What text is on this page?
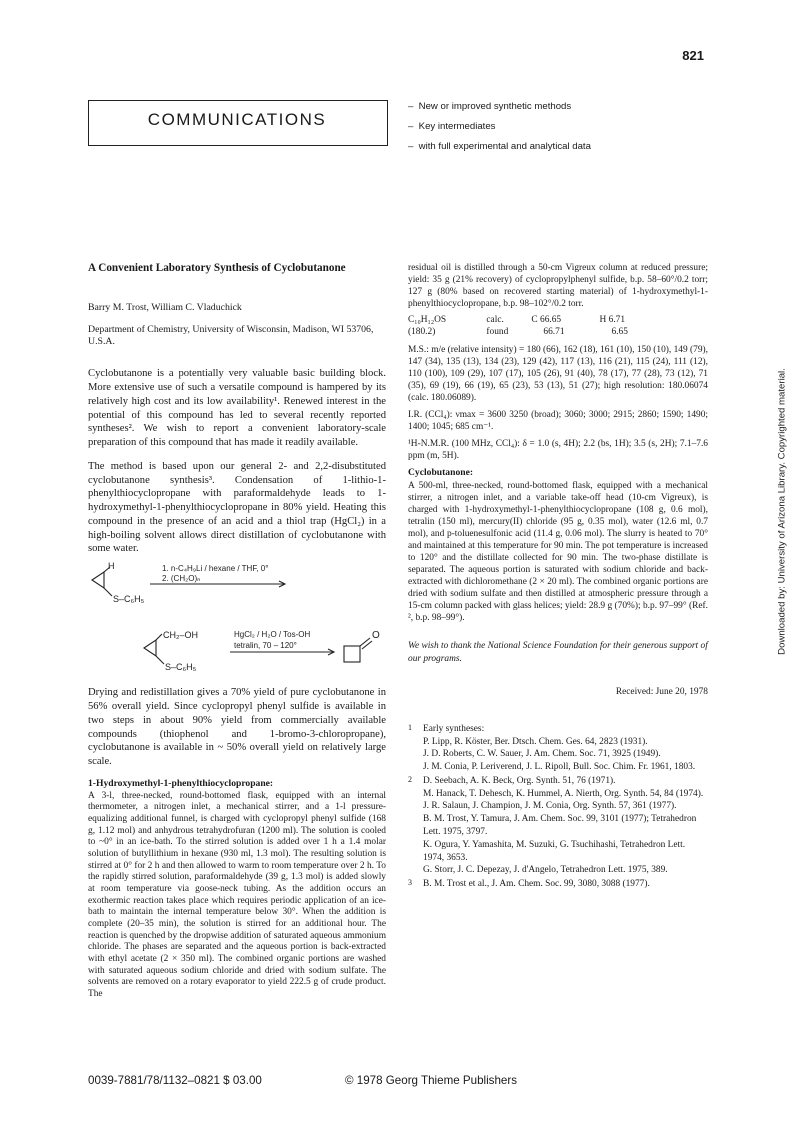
821
COMMUNICATIONS
–  New or improved synthetic methods
–  Key intermediates
–  with full experimental and analytical data
A Convenient Laboratory Synthesis of Cyclobutanone

Barry M. Trost, William C. Vladuchick

Department of Chemistry, University of Wisconsin, Madison, WI 53706, U.S.A.

Cyclobutanone is a potentially very valuable basic building block. More extensive use of such a versatile compound is hampered by its relatively high cost and its low availability¹. Renewed interest in the potential of this compound has led to several recently reported syntheses². We wish to report a convenient laboratory-scale preparation of this compound that has made it readily available.

The method is based upon our general 2- and 2,2-disubstituted cyclobutanone synthesis³. Condensation of 1-lithio-1-phenylthiocyclopropane with paraformaldehyde leads to 1-hydroxymethyl-1-phenylthiocyclopropane in 80% yield. Heating this compound in the presence of an acid and a thiol trap (HgCl₂) in a high-boiling solvent allows direct distillation of cyclobutanone with some water.

1. n-C₄H₉Li / hexane / THF, 0°
2. (CH₂O)ₙ
H
S–C₆H₅
CH₂–OH
S–C₆H₅
HgCl₂ / H₂O / Tos-OH
tetralin, 70 – 120°
O

Drying and redistillation gives a 70% yield of pure cyclobutanone in 56% overall yield. Since cyclopropyl phenyl sulfide is available in two steps in about 90% yield from commercially available compounds (thiophenol and 1-bromo-3-chloropropane), cyclobutanone is available in ~ 50% overall yield on relatively large scale.

1-Hydroxymethyl-1-phenylthiocyclopropane:

A 3-l, three-necked, round-bottomed flask, equipped with an internal thermometer, a nitrogen inlet, a mechanical stirrer, and a 1-l pressure-equalizing additional funnel, is charged with cyclopropyl phenyl sulfide (168 g, 1.12 mol) and anhydrous tetrahydrofuran (1200 ml). The solution is cooled to ~0° in an ice-bath. To the stirred solution is added over 1 h a 1.4 molar solution of butyllithium in hexane (930 ml, 1.3 mol). The resulting solution is stirred at 0° for 2 h and then allowed to warm to room temperature over 2 h. To the rapidly stirred solution, paraformaldehyde (39 g, 1.3 mol) is added slowly at room temperature via goose-neck tubing. As the addition occurs an exothermic reaction takes place which requires periodic application of an ice-bath to maintain the internal temperature below 30°. When the addition is complete (20–35 min), the solution is stirred for an additional hour. The reaction is quenched by the dropwise addition of saturated aqueous ammonium chloride. The phases are separated and the aqueous portion is back-extracted with ethyl acetate (2 × 350 ml). The combined organic portions are washed with saturated aqueous sodium chloride and dried with sodium sulfate. The solvents are removed on a rotary evaporator to yield 222.5 g of crude product. The

residual oil is distilled through a 50-cm Vigreux column at reduced pressure; yield: 35 g (21% recovery) of cyclopropylphenyl sulfide, b.p. 58–60°/0.2 torr; 127 g (80% based on recovered starting material) of 1-hydroxymethyl-1-phenylthiocyclopropane, b.p. 98–102°/0.2 torr.

C₁₀H₁₂OS	calc.	C 66.65	H 6.71
(180.2)	found	66.71	6.65

M.S.: m/e (relative intensity) = 180 (66), 162 (18), 161 (10), 150 (10), 149 (79), 147 (34), 135 (13), 134 (23), 129 (42), 117 (13), 116 (21), 115 (24), 111 (12), 110 (100), 109 (29), 107 (17), 105 (26), 91 (40), 78 (17), 77 (28), 73 (12), 71 (35), 69 (19), 66 (19), 65 (23), 53 (13), 51 (27); high resolution: 180.06074 (calc. 180.06089).

I.R. (CCl₄): νmax = 3600 3250 (broad); 3060; 3000; 2915; 2860; 1590; 1490; 1400; 1045; 685 cm⁻¹.

¹H-N.M.R. (100 MHz, CCl₄): δ = 1.0 (s, 4H); 2.2 (bs, 1H); 3.5 (s, 2H); 7.1–7.6 ppm (m, 5H).

Cyclobutanone:

A 500-ml, three-necked, round-bottomed flask, equipped with a mechanical stirrer, a nitrogen inlet, and a variable take-off head (10-cm Vigreux), is charged with 1-hydroxymethyl-1-phenylthiocyclopropane (108 g, 0.6 mol), tetralin (150 ml), mercury(II) chloride (95 g, 0.35 mol), water (12.6 ml, 0.7 mol), and p-toluenesulfonic acid (11.4 g, 0.06 mol). The slurry is heated to 70° and maintained at this temperature for 90 min. The pot temperature is increased to 120° and the distillate collected for 90 min. The two-phase distillate is separated. The aqueous portion is saturated with sodium chloride and back-extracted with dichloromethane (2 × 20 ml). The combined organic portions are dried with sodium sulfate and then distilled at atmospheric pressure through a 15-cm column packed with glass helices; yield: 28.9 g (70%); b.p. 97–99° (Ref. ², b.p. 98–99°).

We wish to thank the National Science Foundation for their generous support of our programs.

Received: June 20, 1978

1 Early syntheses:
P. Lipp, R. Köster, Ber. Dtsch. Chem. Ges. 64, 2823 (1931).
J. D. Roberts, C. W. Sauer, J. Am. Chem. Soc. 71, 3925 (1949).
J. M. Conia, P. Leriverend, J. L. Ripoll, Bull. Soc. Chim. Fr. 1961, 1803.
2 D. Seebach, A. K. Beck, Org. Synth. 51, 76 (1971).
M. Hanack, T. Dehesch, K. Hummel, A. Nierth, Org. Synth. 54, 84 (1974).
J. R. Salaun, J. Champion, J. M. Conia, Org. Synth. 57, 361 (1977).
B. M. Trost, Y. Tamura, J. Am. Chem. Soc. 99, 3101 (1977); Tetrahedron Lett. 1975, 3797.
K. Ogura, Y. Yamashita, M. Suzuki, G. Tsuchihashi, Tetrahedron Lett. 1974, 3653.
G. Storr, J. C. Depezay, J. d'Angelo, Tetrahedron Lett. 1975, 389.
3 B. M. Trost et al., J. Am. Chem. Soc. 99, 3080, 3088 (1977).
0039-7881/78/1132–0821 $ 03.00	© 1978 Georg Thieme Publishers
Downloaded by: University of Arizona Library. Copyrighted material.
